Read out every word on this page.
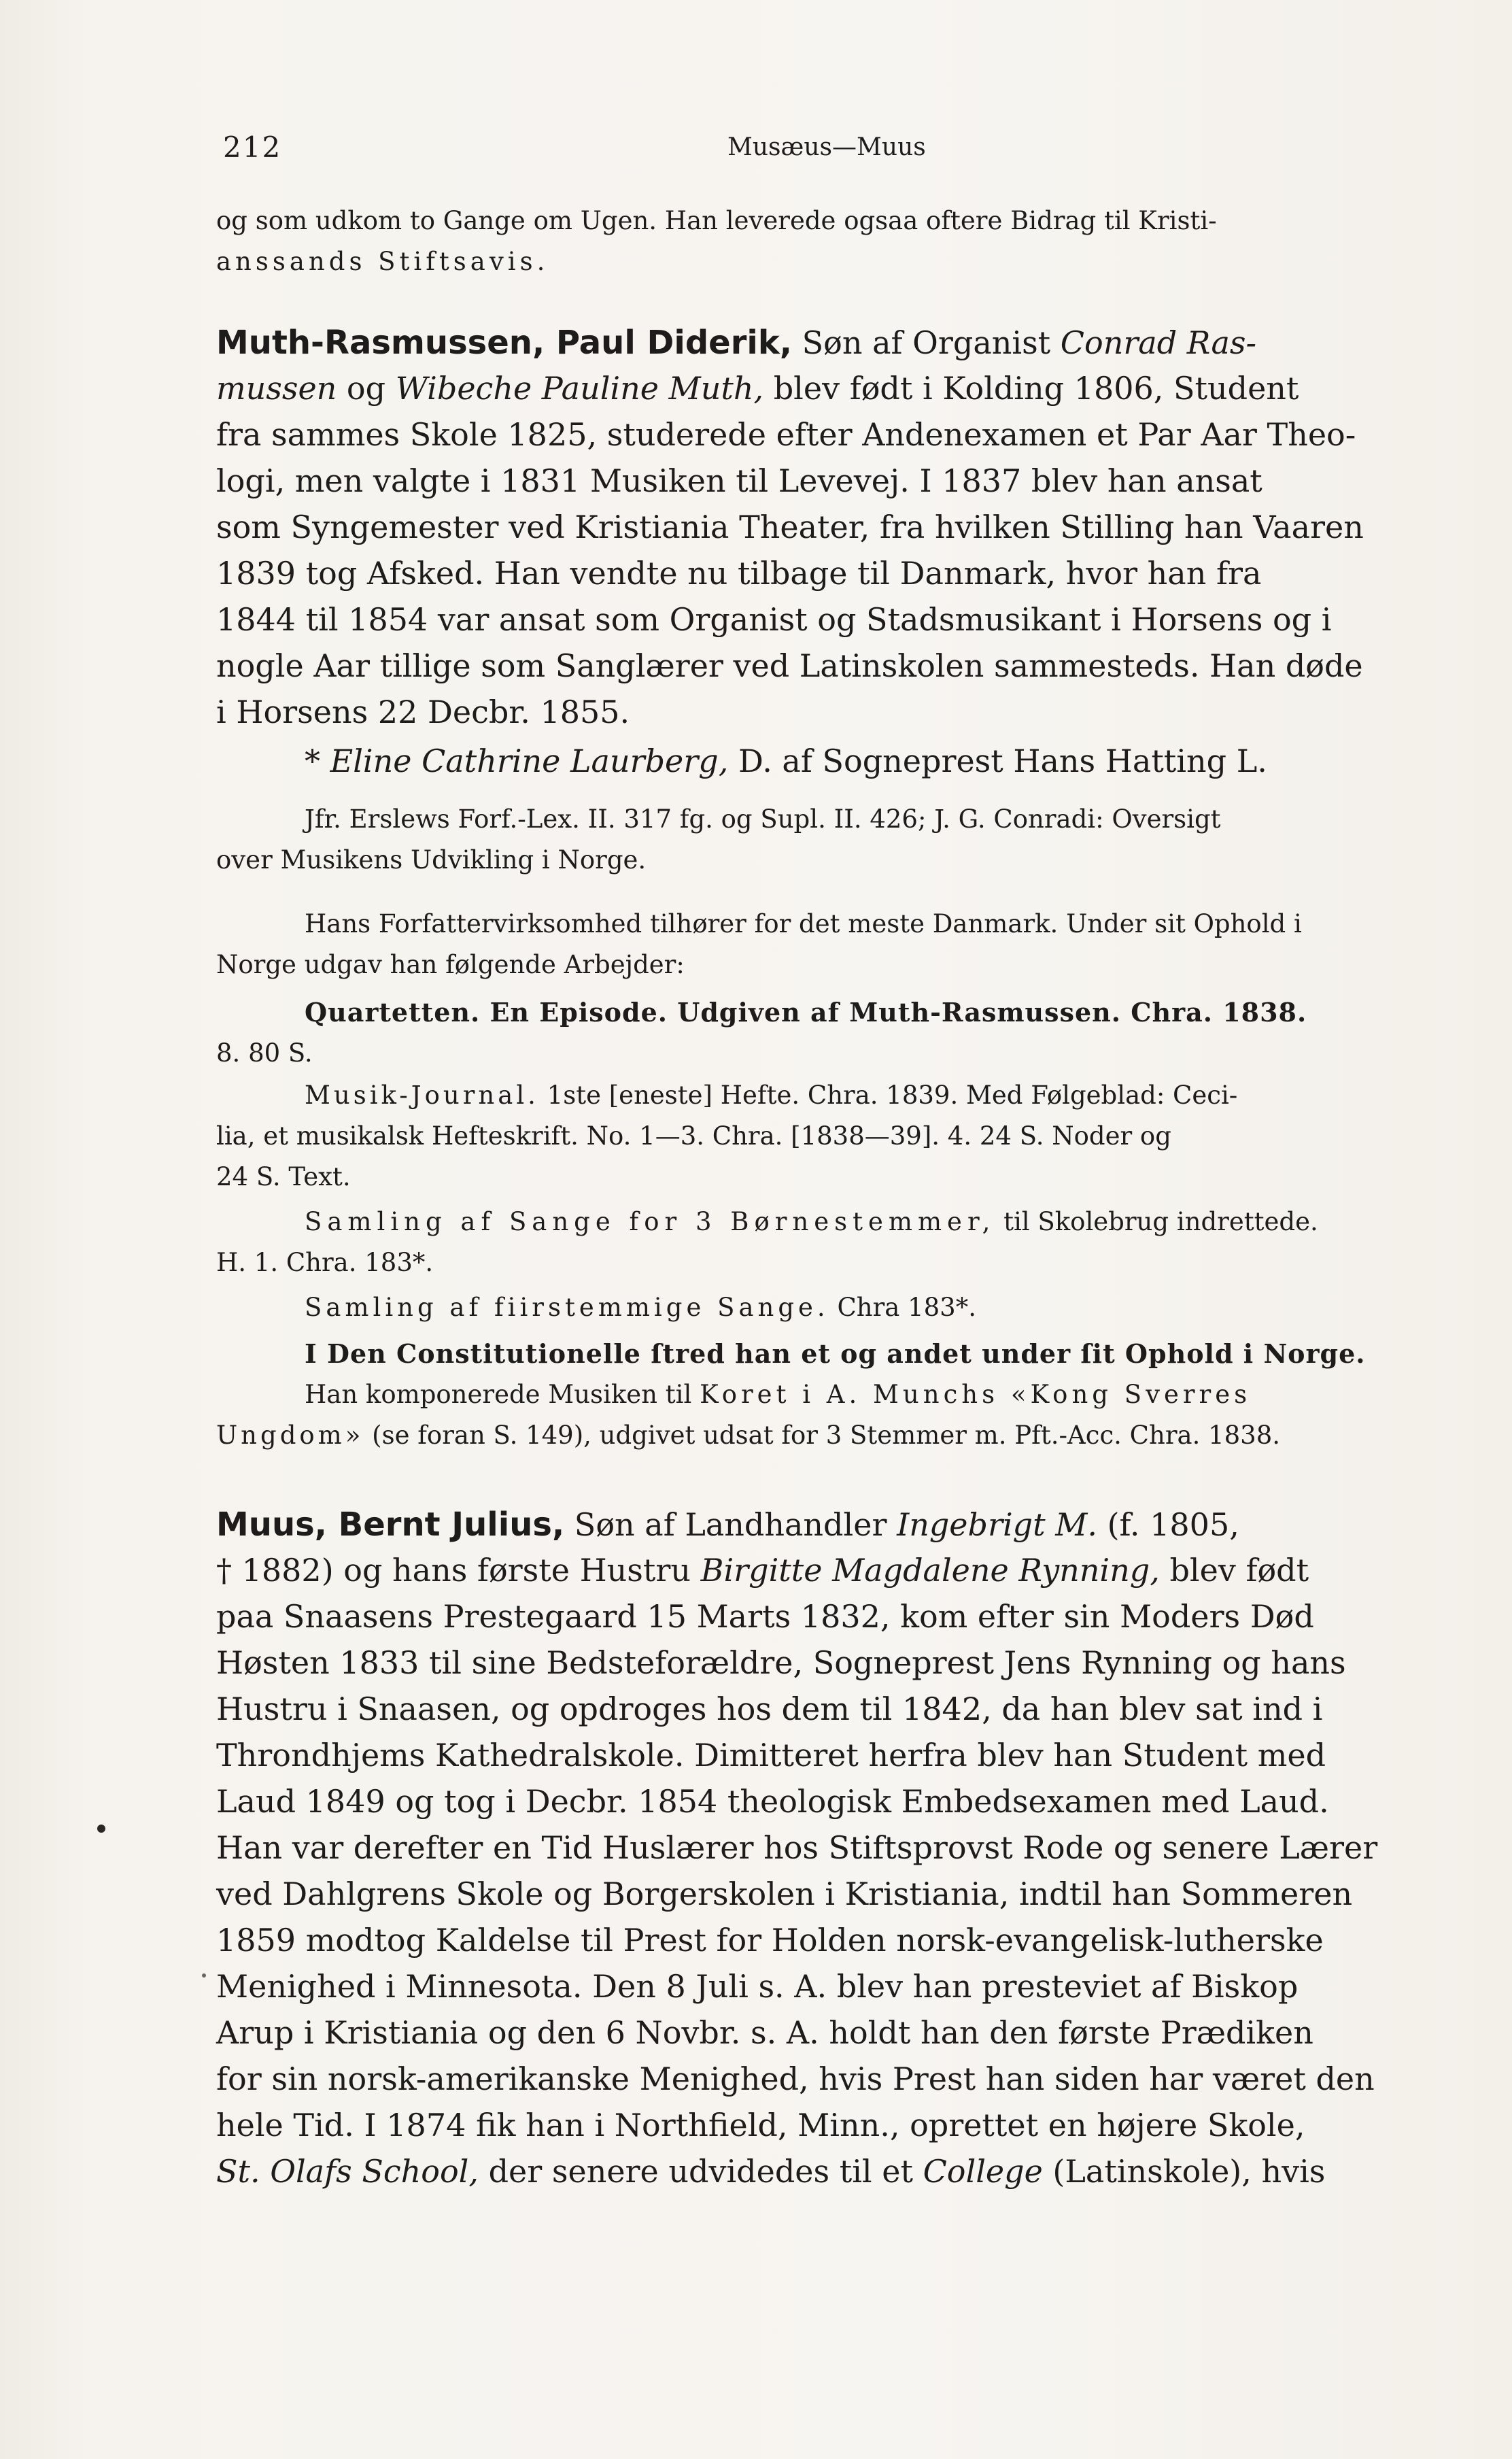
212	Musæus—Muus
og som udkom to Gange om Ugen. Han leverede ogsaa oftere Bidrag til Kristi-
anssands Stiftsavis.
Muth-Rasmussen, Paul Diderik, Søn af Organist Conrad Ras-
mussen og Wibeche Pauline Muth, blev født i Kolding 1806, Student
fra sammes Skole 1825, studerede efter Andenexamen et Par Aar Theo-
logi, men valgte i 1831 Musiken til Levevej. I 1837 blev han ansat
som Syngemester ved Kristiania Theater, fra hvilken Stilling han Vaaren
1839 tog Afsked. Han vendte nu tilbage til Danmark, hvor han fra
1844 til 1854 var ansat som Organist og Stadsmusikant i Horsens og i
nogle Aar tillige som Sanglærer ved Latinskolen sammesteds. Han døde
i Horsens 22 Decbr. 1855.
* Eline Cathrine Laurberg, D. af Sogneprest Hans Hatting L.
Jfr. Erslews Forf.-Lex. II. 317 fg. og Supl. II. 426; J. G. Conradi: Oversigt
over Musikens Udvikling i Norge.
Hans Forfattervirksomhed tilhører for det meste Danmark. Under sit Ophold i
Norge udgav han følgende Arbejder:
Quartetten. En Episode. Udgiven af Muth-Rasmussen. Chra. 1838.
8. 80 S.
Musik-Journal. 1ste [eneste] Hefte. Chra. 1839. Med Følgeblad: Ceci-
lia, et musikalsk Hefteskrift. No. 1—3. Chra. [1838—39]. 4. 24 S. Noder og
24 S. Text.
Samling af Sange for 3 Børnestemmer, til Skolebrug indrettede.
H. 1. Chra. 183*.
Samling af fiirstemmige Sange. Chra 183*.
I Den Constitutionelle ſtred han et og andet under ſit Ophold i Norge.
Han komponerede Musiken til Koret i A. Munchs «Kong Sverres
Ungdom» (se foran S. 149), udgivet udsat for 3 Stemmer m. Pft.-Acc. Chra. 1838.
Muus, Bernt Julius, Søn af Landhandler Ingebrigt M. (f. 1805,
† 1882) og hans første Hustru Birgitte Magdalene Rynning, blev født
paa Snaasens Prestegaard 15 Marts 1832, kom efter sin Moders Død
Høsten 1833 til sine Bedsteforældre, Sogneprest Jens Rynning og hans
Hustru i Snaasen, og opdroges hos dem til 1842, da han blev sat ind i
Throndhjems Kathedralskole. Dimitteret herfra blev han Student med
Laud 1849 og tog i Decbr. 1854 theologisk Embedsexamen med Laud.
Han var derefter en Tid Huslærer hos Stiftsprovst Rode og senere Lærer
ved Dahlgrens Skole og Borgerskolen i Kristiania, indtil han Sommeren
1859 modtog Kaldelse til Prest for Holden norsk-evangelisk-lutherske
Menighed i Minnesota. Den 8 Juli s. A. blev han presteviet af Biskop
Arup i Kristiania og den 6 Novbr. s. A. holdt han den første Prædiken
for sin norsk-amerikanske Menighed, hvis Prest han siden har været den
hele Tid. I 1874 fik han i Northfield, Minn., oprettet en højere Skole,
St. Olafs School, der senere udvidedes til et College (Latinskole), hvis
